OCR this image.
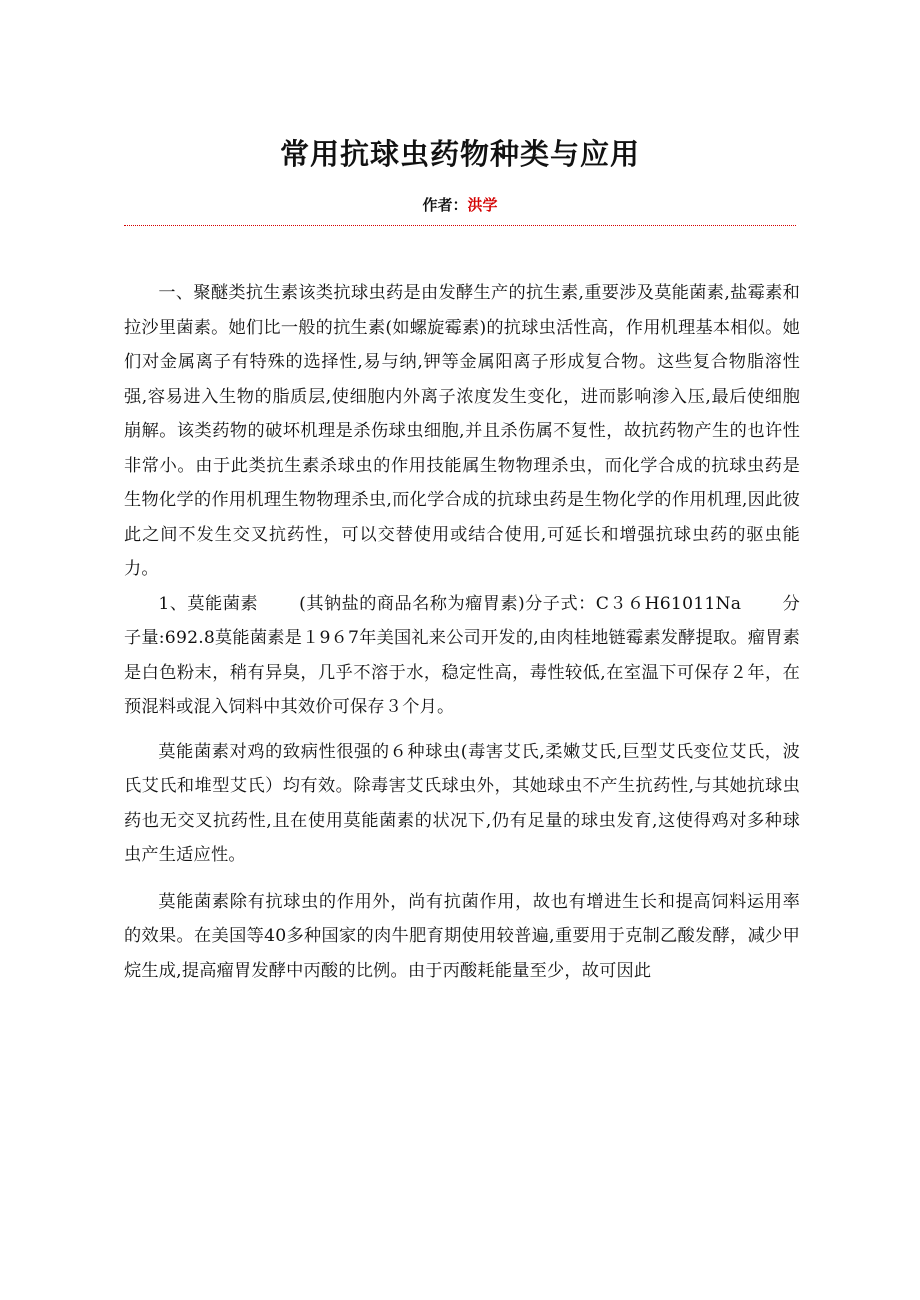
常用抗球虫药物种类与应用
作者：洪学

一、聚醚类抗生素该类抗球虫药是由发酵生产的抗生素,重要涉及莫能菌素,盐霉素和拉沙里菌素。她们比一般的抗生素(如螺旋霉素)的抗球虫活性高，作用机理基本相似。她们对金属离子有特殊的选择性,易与纳,钾等金属阳离子形成复合物。这些复合物脂溶性强,容易进入生物的脂质层,使细胞内外离子浓度发生变化，进而影响渗入压,最后使细胞崩解。该类药物的破坏机理是杀伤球虫细胞,并且杀伤属不复性，故抗药物产生的也许性非常小。由于此类抗生素杀球虫的作用技能属生物物理杀虫，而化学合成的抗球虫药是生物化学的作用机理生物物理杀虫,而化学合成的抗球虫药是生物化学的作用机理,因此彼此之间不发生交叉抗药性，可以交替使用或结合使用,可延长和增强抗球虫药的驱虫能力。

1、莫能菌素 　　(其钠盐的商品名称为瘤胃素)分子式：C３６H61011Na　 　分子量:692.8莫能菌素是１9６7年美国礼来公司开发的,由肉桂地链霉素发酵提取。瘤胃素是白色粉末，稍有异臭，几乎不溶于水，稳定性高，毒性较低,在室温下可保存２年，在预混料或混入饲料中其效价可保存３个月。

莫能菌素对鸡的致病性很强的６种球虫(毒害艾氏,柔嫩艾氏,巨型艾氏变位艾氏，波氏艾氏和堆型艾氏）均有效。除毒害艾氏球虫外，其她球虫不产生抗药性,与其她抗球虫药也无交叉抗药性,且在使用莫能菌素的状况下,仍有足量的球虫发育,这使得鸡对多种球虫产生适应性。

莫能菌素除有抗球虫的作用外，尚有抗菌作用，故也有增进生长和提高饲料运用率的效果。在美国等40多种国家的肉牛肥育期使用较普遍,重要用于克制乙酸发酵，减少甲烷生成,提高瘤胃发酵中丙酸的比例。由于丙酸耗能量至少，故可因此
